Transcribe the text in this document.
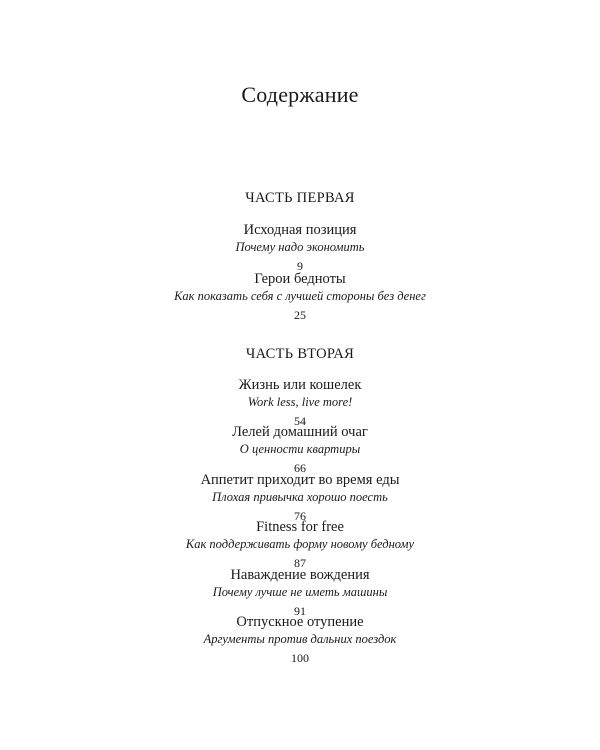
Содержание
ЧАСТЬ ПЕРВАЯ
Исходная позиция
Почему надо экономить
9
Герои бедноты
Как показать себя с лучшей стороны без денег
25
ЧАСТЬ ВТОРАЯ
Жизнь или кошелек
Work less, live more!
54
Лелей домашний очаг
О ценности квартиры
66
Аппетит приходит во время еды
Плохая привычка хорошо поесть
76
Fitness for free
Как поддерживать форму новому бедному
87
Наваждение вождения
Почему лучше не иметь машины
91
Отпускное отупение
Аргументы против дальних поездок
100
